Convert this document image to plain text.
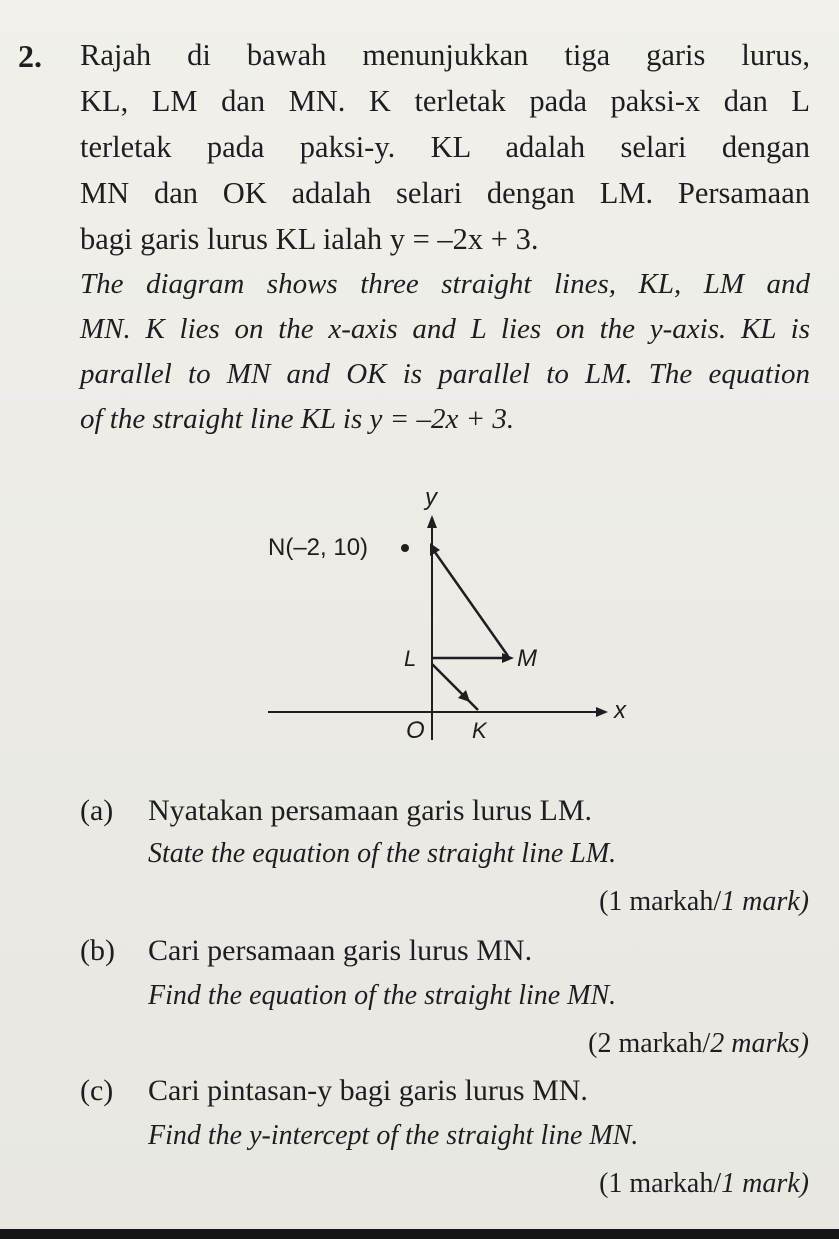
2. Rajah di bawah menunjukkan tiga garis lurus,
KL, LM dan MN. K terletak pada paksi-x dan L
terletak pada paksi-y. KL adalah selari dengan
MN dan OK adalah selari dengan LM. Persamaan
bagi garis lurus KL ialah y = –2x + 3.
The diagram shows three straight lines, KL, LM and
MN. K lies on the x-axis and L lies on the y-axis. KL is
parallel to MN and OK is parallel to LM. The equation
of the straight line KL is y = –2x + 3.
y
x
N(–2, 10)
L	M
O K
(a) Nyatakan persamaan garis lurus LM.
State the equation of the straight line LM.
(1 markah/1 mark)
(b) Cari persamaan garis lurus MN.
Find the equation of the straight line MN.
(2 markah/2 marks)
(c) Cari pintasan-y bagi garis lurus MN.
Find the y-intercept of the straight line MN.
(1 markah/1 mark)
